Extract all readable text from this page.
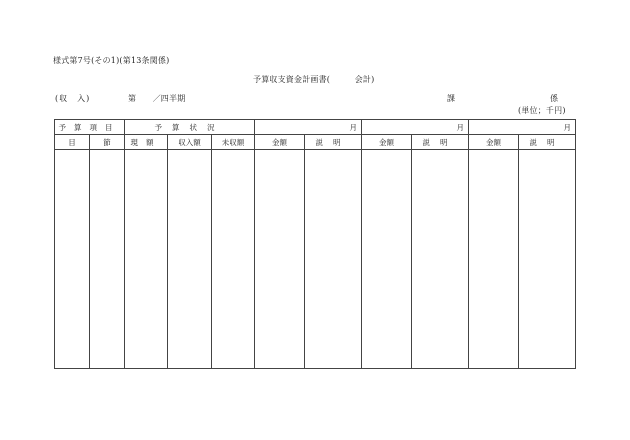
様式第7号(その1)(第13条関係)
予算収支資金計画書(　　　会計)
(収　入)	第　　／四半期	課	係
(単位；千円)
予算項目		予算状況			月		月		月	
目	節	現額	収入額	未収額	金額	説明	金額	説明	金額	説明
